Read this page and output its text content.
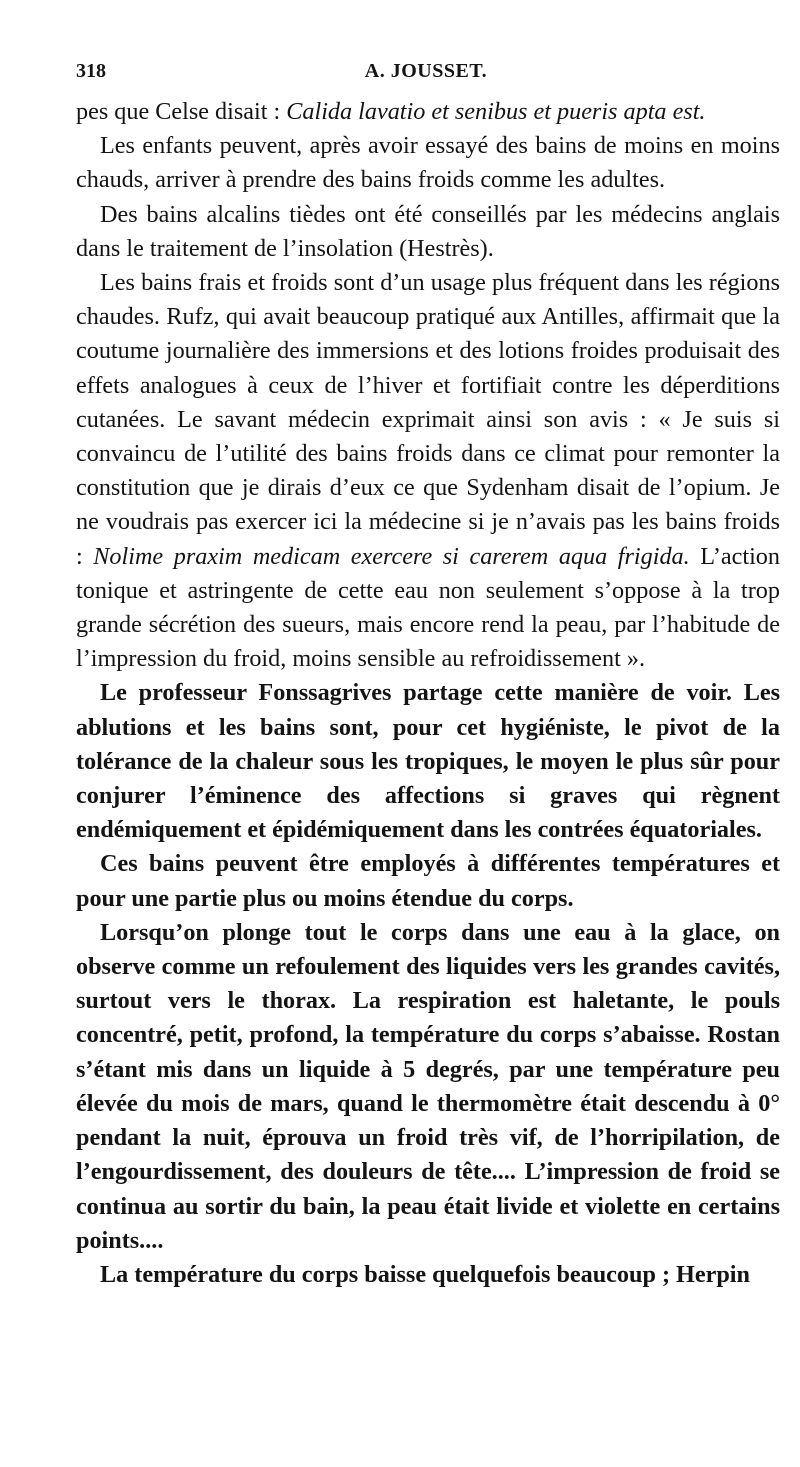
318	A. JOUSSET.

pes que Celse disait : Calida lavatio et senibus et pueris apta est.

Les enfants peuvent, après avoir essayé des bains de moins en moins chauds, arriver à prendre des bains froids comme les adultes.

Des bains alcalins tièdes ont été conseillés par les médecins anglais dans le traitement de l’insolation (Hestrès).

Les bains frais et froids sont d’un usage plus fréquent dans les régions chaudes. Rufz, qui avait beaucoup pratiqué aux Antilles, affirmait que la coutume journalière des immersions et des lotions froides produisait des effets analogues à ceux de l’hiver et fortifiait contre les déperditions cutanées. Le savant médecin exprimait ainsi son avis : « Je suis si convaincu de l’utilité des bains froids dans ce climat pour remonter la constitution que je dirais d’eux ce que Sydenham disait de l’opium. Je ne voudrais pas exercer ici la médecine si je n’avais pas les bains froids : Nolime praxim medicam exercere si carerem aqua frigida. L’action tonique et astringente de cette eau non seulement s’oppose à la trop grande sécrétion des sueurs, mais encore rend la peau, par l’habitude de l’impression du froid, moins sensible au refroidissement ».

Le professeur Fonssagrives partage cette manière de voir. Les ablutions et les bains sont, pour cet hygiéniste, le pivot de la tolérance de la chaleur sous les tropiques, le moyen le plus sûr pour conjurer l’éminence des affections si graves qui règnent endémiquement et épidémiquement dans les contrées équatoriales.

Ces bains peuvent être employés à différentes températures et pour une partie plus ou moins étendue du corps.

Lorsqu’on plonge tout le corps dans une eau à la glace, on observe comme un refoulement des liquides vers les grandes cavités, surtout vers le thorax. La respiration est haletante, le pouls concentré, petit, profond, la température du corps s’abaisse. Rostan s’étant mis dans un liquide à 5 degrés, par une température peu élevée du mois de mars, quand le thermomètre était descendu à 0° pendant la nuit, éprouva un froid très vif, de l’horripilation, de l’engourdissement, des douleurs de tête.... L’impression de froid se continua au sortir du bain, la peau était livide et violette en certains points....

La température du corps baisse quelquefois beaucoup ; Herpin
